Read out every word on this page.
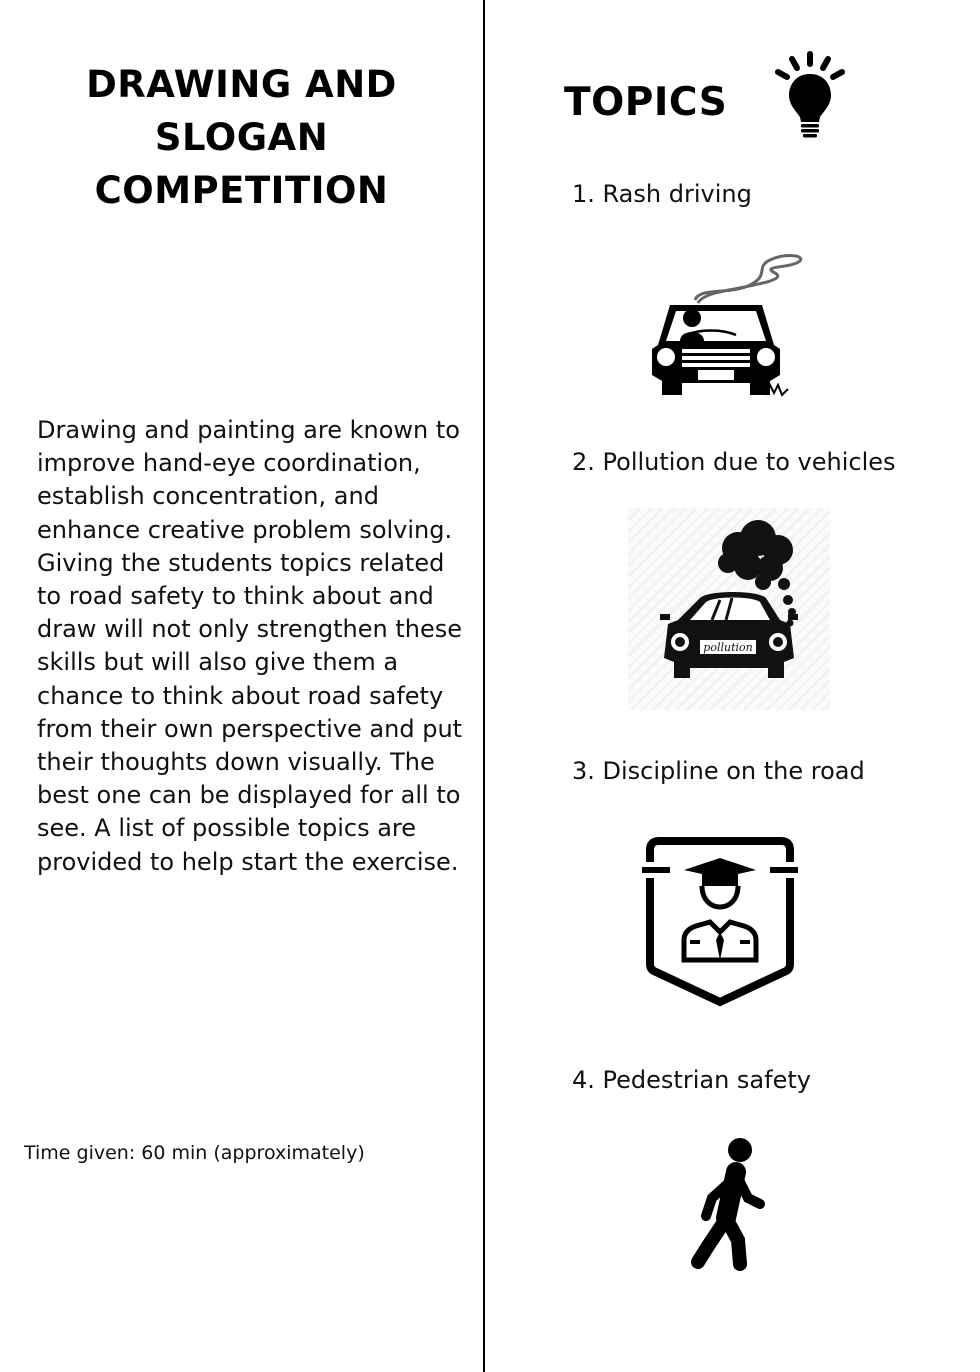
DRAWING AND SLOGAN
COMPETITION
Drawing and painting are known to
improve hand-eye coordination,
establish concentration, and
enhance creative problem solving.
Giving the students topics related
to road safety to think about and
draw will not only strengthen these
skills but will also give them a
chance to think about road safety
from their own perspective and put
their thoughts down visually. The
best one can be displayed for all to
see. A list of possible topics are
provided to help start the exercise.
Time given: 60 min (approximately)
TOPICS
1. Rash driving
2. Pollution due to vehicles
pollution
3. Discipline on the road
4. Pedestrian safety
